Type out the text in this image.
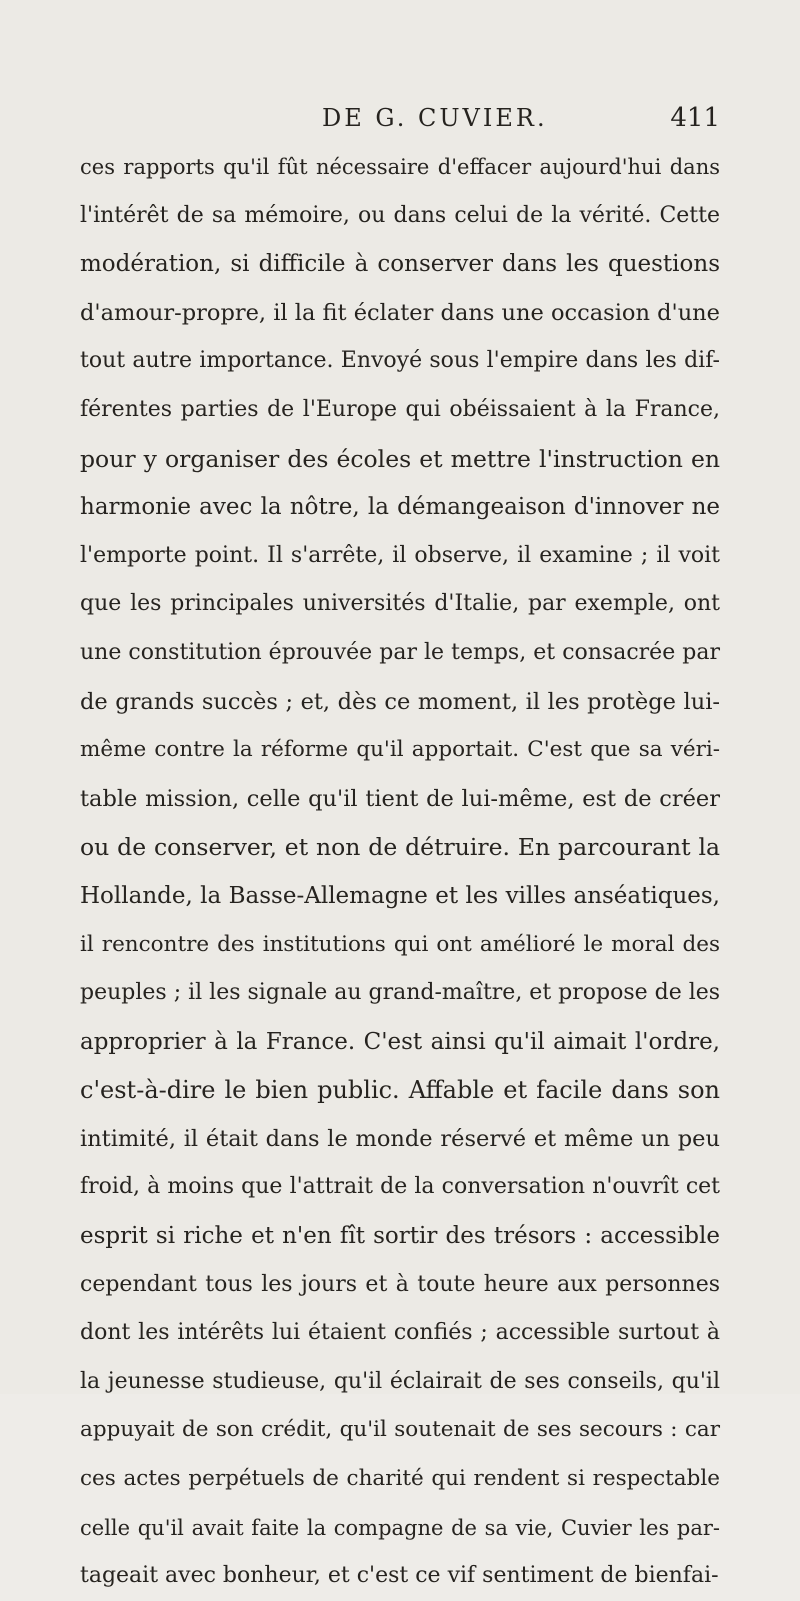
DE G. CUVIER.	411
ces rapports qu'il fût nécessaire d'effacer aujourd'hui dans
l'intérêt de sa mémoire, ou dans celui de la vérité. Cette
modération, si difficile à conserver dans les questions
d'amour-propre, il la fit éclater dans une occasion d'une
tout autre importance. Envoyé sous l'empire dans les dif-
férentes parties de l'Europe qui obéissaient à la France,
pour y organiser des écoles et mettre l'instruction en
harmonie avec la nôtre, la démangeaison d'innover ne
l'emporte point. Il s'arrête, il observe, il examine ; il voit
que les principales universités d'Italie, par exemple, ont
une constitution éprouvée par le temps, et consacrée par
de grands succès ; et, dès ce moment, il les protège lui-
même contre la réforme qu'il apportait. C'est que sa véri-
table mission, celle qu'il tient de lui-même, est de créer
ou de conserver, et non de détruire. En parcourant la
Hollande, la Basse-Allemagne et les villes anséatiques,
il rencontre des institutions qui ont amélioré le moral des
peuples ; il les signale au grand-maître, et propose de les
approprier à la France. C'est ainsi qu'il aimait l'ordre,
c'est-à-dire le bien public. Affable et facile dans son
intimité, il était dans le monde réservé et même un peu
froid, à moins que l'attrait de la conversation n'ouvrît cet
esprit si riche et n'en fît sortir des trésors : accessible
cependant tous les jours et à toute heure aux personnes
dont les intérêts lui étaient confiés ; accessible surtout à
la jeunesse studieuse, qu'il éclairait de ses conseils, qu'il
appuyait de son crédit, qu'il soutenait de ses secours : car
ces actes perpétuels de charité qui rendent si respectable
celle qu'il avait faite la compagne de sa vie, Cuvier les par-
tageait avec bonheur, et c'est ce vif sentiment de bienfai-
